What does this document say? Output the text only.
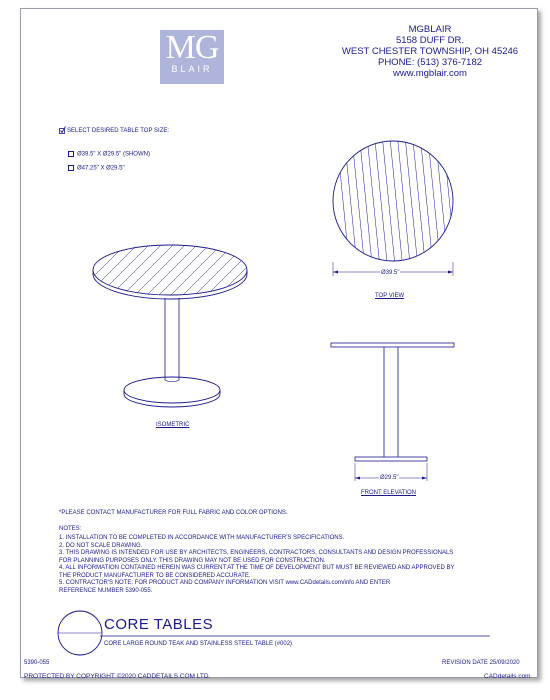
MG
BLAIR
MGBLAIR
5158 DUFF DR.
WEST CHESTER TOWNSHIP, OH 45246
PHONE: (513) 376-7182
www.mgblair.com
SELECT DESIRED TABLE TOP SIZE:
Ø39.5" X Ø29.5" (SHOWN)
Ø47.25" X Ø29.5"
Ø39.5"
TOP VIEW
ISOMETRIC
Ø29.5"
FRONT ELEVATION
*PLEASE CONTACT MANUFACTURER FOR FULL FABRIC AND COLOR OPTIONS.
NOTES:
1. INSTALLATION TO BE COMPLETED IN ACCORDANCE WITH MANUFACTURER'S SPECIFICATIONS.
2. DO NOT SCALE DRAWING.
3. THIS DRAWING IS INTENDED FOR USE BY ARCHITECTS, ENGINEERS, CONTRACTORS, CONSULTANTS AND DESIGN PROFESSIONALS
FOR PLANNING PURPOSES ONLY. THIS DRAWING MAY NOT BE USED FOR CONSTRUCTION.
4. ALL INFORMATION CONTAINED HEREIN WAS CURRENT AT THE TIME OF DEVELOPMENT BUT MUST BE REVIEWED AND APPROVED BY
THE PRODUCT MANUFACTURER TO BE CONSIDERED ACCURATE.
5. CONTRACTOR'S NOTE: FOR PRODUCT AND COMPANY INFORMATION VISIT www.CADdetails.com/info AND ENTER
REFERENCE NUMBER 5390-055.
CORE TABLES
CORE LARGE ROUND TEAK AND STAINLESS STEEL TABLE (#002)
5390-055	REVISION DATE 25/09/2020
PROTECTED BY COPYRIGHT ©2020 CADDETAILS.COM LTD.	CADdetails.com
